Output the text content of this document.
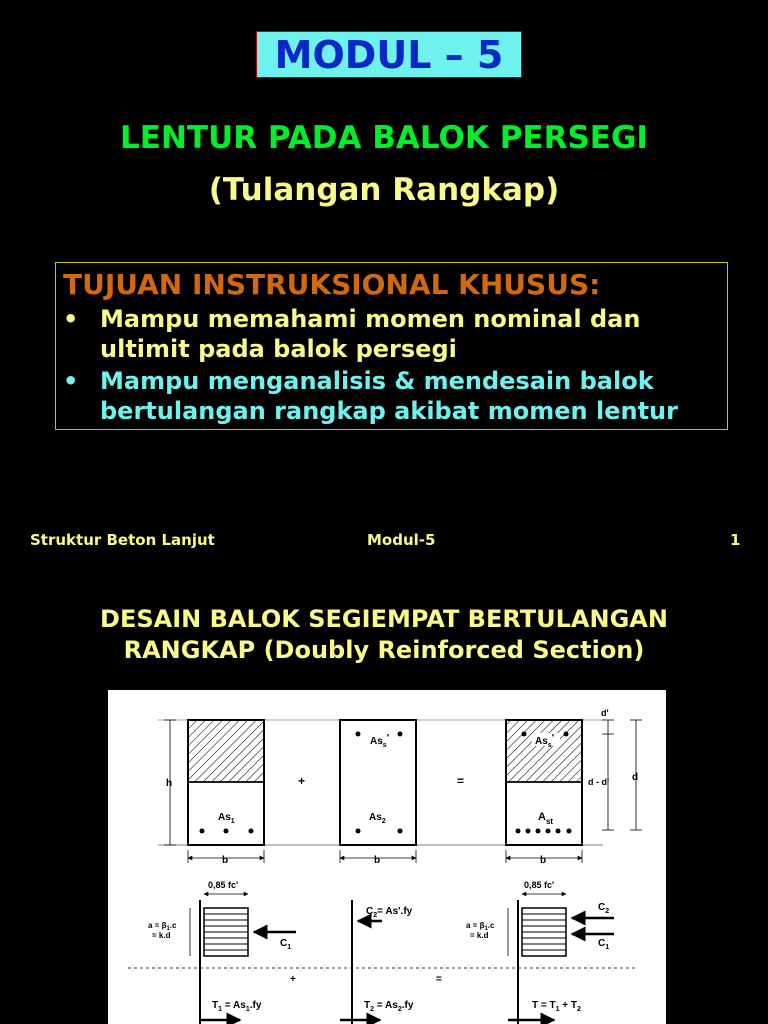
MODUL – 5
LENTUR PADA BALOK PERSEGI
(Tulangan Rangkap)
TUJUAN INSTRUKSIONAL KHUSUS:
• Mampu memahami momen nominal dan
ultimit pada balok persegi
• Mampu menganalisis & mendesain balok
bertulangan rangkap akibat momen lentur
Struktur Beton Lanjut	Modul-5	1
DESAIN BALOK SEGIEMPAT BERTULANGAN
RANGKAP (Doubly Reinforced Section)
h
$As_1$
b
+
$As_s'$
$As_2$
b
=
$As_s'$
$A_{st}$
b
d'
d - d' d
0,85 fc'
$a = \beta_1.c$
= k.d
$C_1$
$C_2= As'.fy$
0,85 fc'
$a = \beta_1.c$
= k.d
$C_2$
$C_1$
+	=
$T_1 = As_1.fy$	$T_2 = As_2.fy$	$T = T_1 + T_2$
